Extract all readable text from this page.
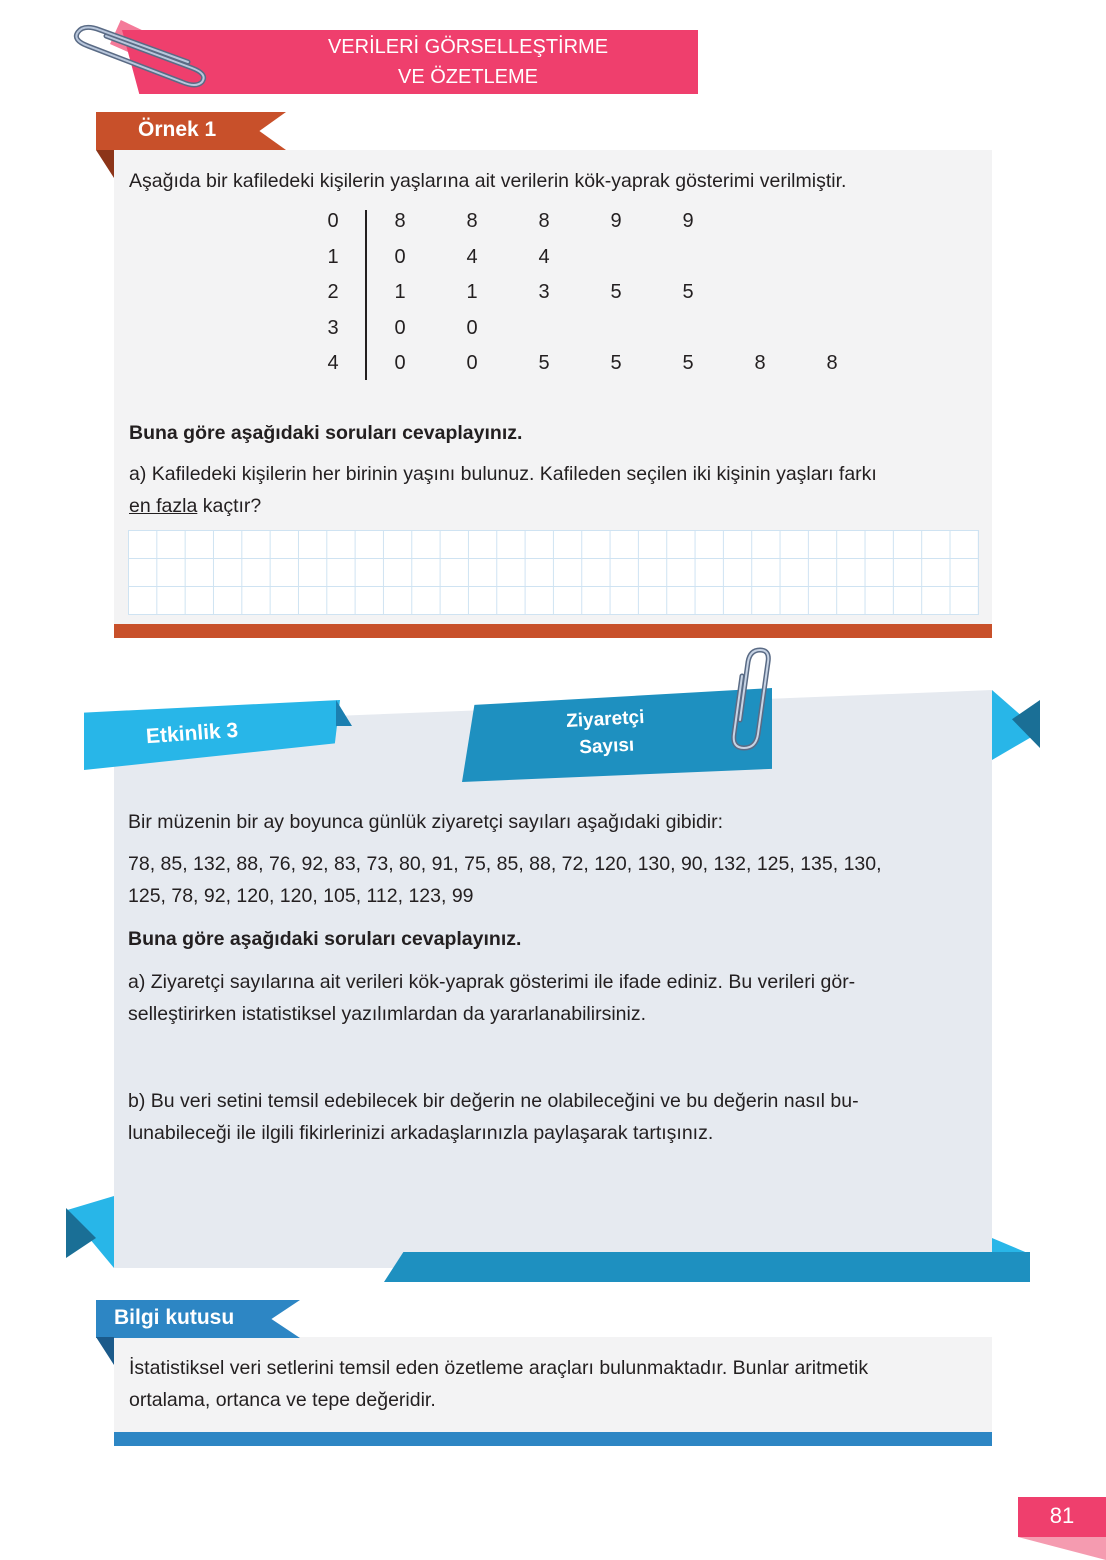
VERİLERİ GÖRSELLEŞTİRME
VE ÖZETLEME
Örnek 1
Aşağıda bir kafiledeki kişilerin yaşlarına ait verilerin kök-yaprak gösterimi verilmiştir.
0	8	8	8	9	9
1	0	4	4
2	1	1	3	5	5
3	0	0
4	0	0	5	5	5	8	8
Buna göre aşağıdaki soruları cevaplayınız.
a) Kafiledeki kişilerin her birinin yaşını bulunuz. Kafileden seçilen iki kişinin yaşları farkı
en fazla kaçtır?
Etkinlik 3	Ziyaretçi
Sayısı
Bir müzenin bir ay boyunca günlük ziyaretçi sayıları aşağıdaki gibidir:
78, 85, 132, 88, 76, 92, 83, 73, 80, 91, 75, 85, 88, 72, 120, 130, 90, 132, 125, 135, 130,
125, 78, 92, 120, 120, 105, 112, 123, 99
Buna göre aşağıdaki soruları cevaplayınız.
a) Ziyaretçi sayılarına ait verileri kök-yaprak gösterimi ile ifade ediniz. Bu verileri gör-
selleştirirken istatistiksel yazılımlardan da yararlanabilirsiniz.
b) Bu veri setini temsil edebilecek bir değerin ne olabileceğini ve bu değerin nasıl bu-
lunabileceği ile ilgili fikirlerinizi arkadaşlarınızla paylaşarak tartışınız.
Bilgi kutusu
İstatistiksel veri setlerini temsil eden özetleme araçları bulunmaktadır. Bunlar aritmetik
ortalama, ortanca ve tepe değeridir.
81
